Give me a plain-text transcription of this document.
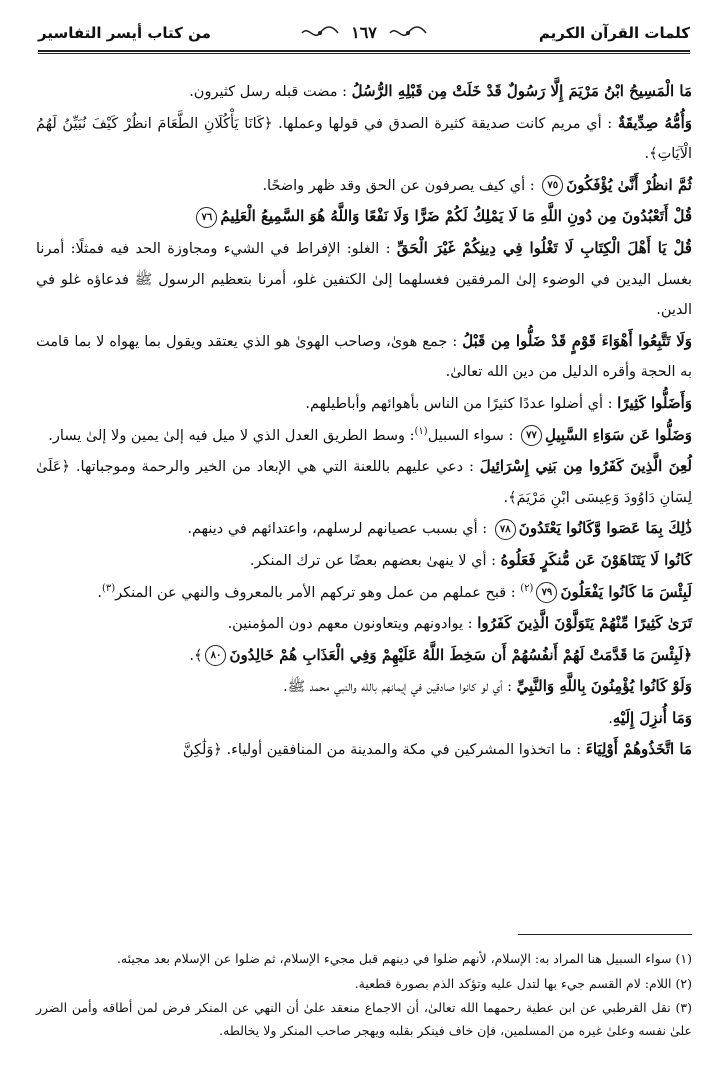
كلمات القرآن الكريم
١٦٧
من كتاب أيسر التفاسير

مَا الْمَسِيحُ ابْنُ مَرْيَمَ إِلَّا رَسُولٌ قَدْ خَلَتْ مِن قَبْلِهِ الرُّسُلُ : مضت قبله رسل كثيرون.

وَأُمُّهُ صِدِّيقَةٌ : أي مريم كانت صديقة كثيرة الصدق في قولها وعملها. ﴿كَانَا يَأْكُلَانِ الطَّعَامَ انظُرْ كَيْفَ نُبَيِّنُ لَهُمُ الْآيَاتِ﴾.

ثُمَّ انظُرْ أَنَّىٰ يُؤْفَكُونَ٧٥ : أي كيف يصرفون عن الحق وقد ظهر واضحًا.

قُلْ أَتَعْبُدُونَ مِن دُونِ اللَّهِ مَا لَا يَمْلِكُ لَكُمْ ضَرًّا وَلَا نَفْعًا وَاللَّهُ هُوَ السَّمِيعُ الْعَلِيمُ٧٦

قُلْ يَا أَهْلَ الْكِتَابِ لَا تَغْلُوا فِي دِينِكُمْ غَيْرَ الْحَقِّ : الغلو: الإفراط في الشيء ومجاوزة الحد فيه فمثلًا: أمرنا بغسل اليدين في الوضوء إلىٰ المرفقين فغسلهما إلىٰ الكتفين غلو، أمرنا بتعظيم الرسول ﷺ فدعاؤه غلو في الدين.

وَلَا تَتَّبِعُوا أَهْوَاءَ قَوْمٍ قَدْ ضَلُّوا مِن قَبْلُ : جمع هوىٰ، وصاحب الهوىٰ هو الذي يعتقد ويقول بما يهواه لا بما قامت به الحجة وأقره الدليل من دين الله تعالىٰ.

وَأَضَلُّوا كَثِيرًا : أي أضلوا عددًا كثيرًا من الناس بأهوائهم وأباطيلهم.

وَضَلُّوا عَن سَوَاءِ السَّبِيلِ٧٧ : سواء السبيل$^{(١)}$: وسط الطريق العدل الذي لا ميل فيه إلىٰ يمين ولا إلىٰ يسار.

لُعِنَ الَّذِينَ كَفَرُوا مِن بَنِي إِسْرَائِيلَ : دعي عليهم باللعنة التي هي الإبعاد من الخير والرحمة وموجباتها. ﴿عَلَىٰ لِسَانِ دَاوُودَ وَعِيسَى ابْنِ مَرْيَمَ﴾.

ذَٰلِكَ بِمَا عَصَوا وَّكَانُوا يَعْتَدُونَ٧٨ : أي بسبب عصيانهم لرسلهم، واعتدائهم في دينهم.

كَانُوا لَا يَتَنَاهَوْنَ عَن مُّنكَرٍ فَعَلُوهُ : أي لا ينهىٰ بعضهم بعضًا عن ترك المنكر.

لَبِئْسَ مَا كَانُوا يَفْعَلُونَ٧٩$^{(٢)}$ : قبح عملهم من عمل وهو تركهم الأمر بالمعروف والنهي عن المنكر$^{(٣)}$.

تَرَىٰ كَثِيرًا مِّنْهُمْ يَتَوَلَّوْنَ الَّذِينَ كَفَرُوا : يوادونهم ويتعاونون معهم دون المؤمنين.

﴿لَبِئْسَ مَا قَدَّمَتْ لَهُمْ أَنفُسُهُمْ أَن سَخِطَ اللَّهُ عَلَيْهِمْ وَفِي الْعَذَابِ هُمْ خَالِدُونَ٨٠﴾.

وَلَوْ كَانُوا يُؤْمِنُونَ بِاللَّهِ وَالنَّبِيِّ : أي لو كانوا صادقين في إيمانهم بالله والنبي محمد ﷺ.

وَمَا أُنزِلَ إِلَيْهِ.

مَا اتَّخَذُوهُمْ أَوْلِيَاءَ : ما اتخذوا المشركين في مكة والمدينة من المنافقين أولياء. ﴿وَلَٰكِنَّ

(١) سواء السبيل هنا المراد به: الإسلام، لأنهم ضلوا في دينهم قبل مجيء الإسلام، ثم ضلوا عن الإسلام بعد مجيئه.

(٢) اللام: لام القسم جيء بها لتدل عليه وتؤكد الذم بصورة قطعية.

(٣) نقل القرطبي عن ابن عطية رحمهما الله تعالىٰ، أن الاجماع منعقد علىٰ أن النهي عن المنكر فرض لمن أطاقه وأمن الضرر علىٰ نفسه وعلىٰ غيره من المسلمين، فإن خاف فينكر بقلبه ويهجر صاحب المنكر ولا يخالطه.
